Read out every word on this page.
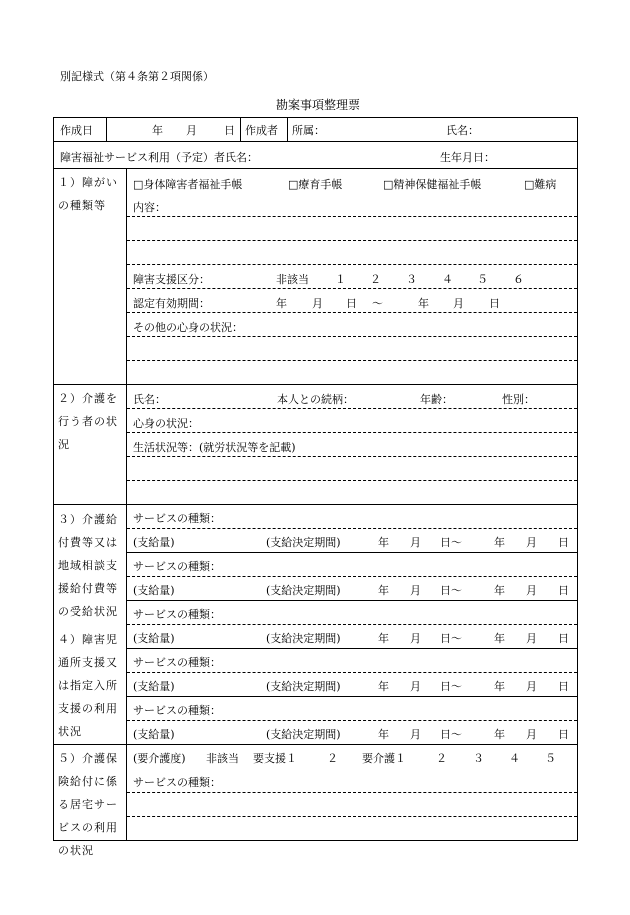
別記様式（第４条第２項関係）
勘案事項整理票
作成日	年 月 日 作成者 所属：	氏名：
障害福祉サービス利用（予定）者氏名：	生年月日：
１）障がいの種類等
□身体障害者福祉手帳	□療育手帳	□精神保健福祉手帳	□難病
内容：
障害支援区分：	非該当 １ ２ ３ ４ ５ ６
認定有効期間：	年 月 日 ～	年 月 日
その他の心身の状況：
２）介護を行う者の状況
氏名：	本人との続柄：	年齢：	性別：
心身の状況：
生活状況等：(就労状況等を記載)
３）介護給付費等又は地域相談支援給付費等の受給状況
４）障害児通所支援又は指定入所支援の利用状況
サービスの種類：
(支給量)	(支給決定期間)	年 月 日～	年 月 日
サービスの種類：
(支給量)	(支給決定期間)	年 月 日～	年 月 日
サービスの種類：
(支給量)	(支給決定期間)	年 月 日～	年 月 日
サービスの種類：
(支給量)	(支給決定期間)	年 月 日～	年 月 日
サービスの種類：
(支給量)	(支給決定期間)	年 月 日～	年 月 日
５）介護保険給付に係る居宅サービスの利用の状況
(要介護度) 非該当 要支援１	２ 要介護１	２ ３ ４ ５
サービスの種類：
